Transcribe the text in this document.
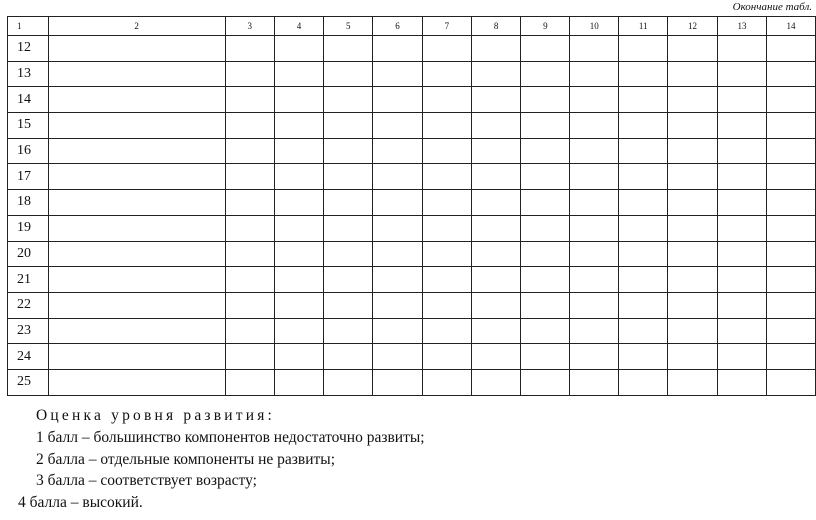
Окончание табл.
1	2	3	4	5	6	7	8	9	10	11	12	13	14
12													
13													
14													
15													
16													
17													
18													
19													
20													
21													
22													
23													
24													
25													

Оценка уровня развития:

1 балл – большинство компонентов недостаточно развиты;

2 балла – отдельные компоненты не развиты;

3 балла – соответствует возрасту;

4 балла – высокий.
